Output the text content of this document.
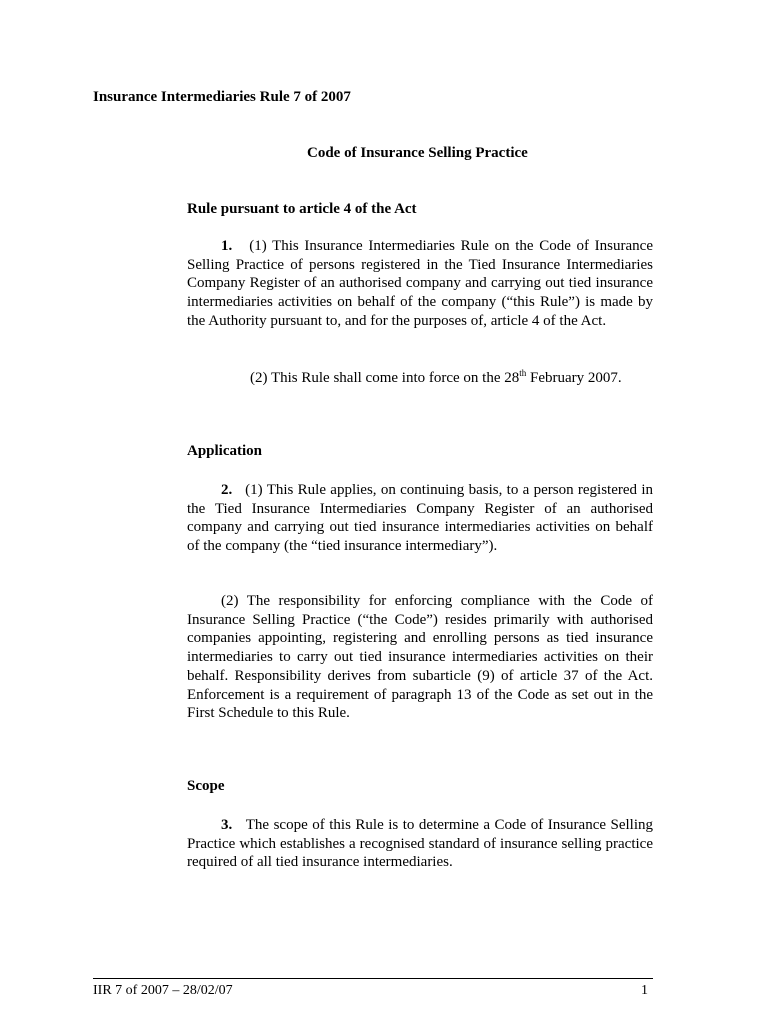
Insurance Intermediaries Rule 7 of 2007
Code of Insurance Selling Practice
Rule pursuant to article 4 of the Act

1. (1) This Insurance Intermediaries Rule on the Code of Insurance Selling Practice of persons registered in the Tied Insurance Intermediaries Company Register of an authorised company and carrying out tied insurance intermediaries activities on behalf of the company (“this Rule”) is made by the Authority pursuant to, and for the purposes of, article 4 of the Act.

(2) This Rule shall come into force on the 28th February 2007.

Application

2. (1) This Rule applies, on continuing basis, to a person registered in the Tied Insurance Intermediaries Company Register of an authorised company and carrying out tied insurance intermediaries activities on behalf of the company (the “tied insurance intermediary”).

(2) The responsibility for enforcing compliance with the Code of Insurance Selling Practice (“the Code”) resides primarily with authorised companies appointing, registering and enrolling persons as tied insurance intermediaries to carry out tied insurance intermediaries activities on their behalf. Responsibility derives from subarticle (9) of article 37 of the Act. Enforcement is a requirement of paragraph 13 of the Code as set out in the First Schedule to this Rule.

Scope

3. The scope of this Rule is to determine a Code of Insurance Selling Practice which establishes a recognised standard of insurance selling practice required of all tied insurance intermediaries.

IIR 7 of 2007 – 28/02/07	1
